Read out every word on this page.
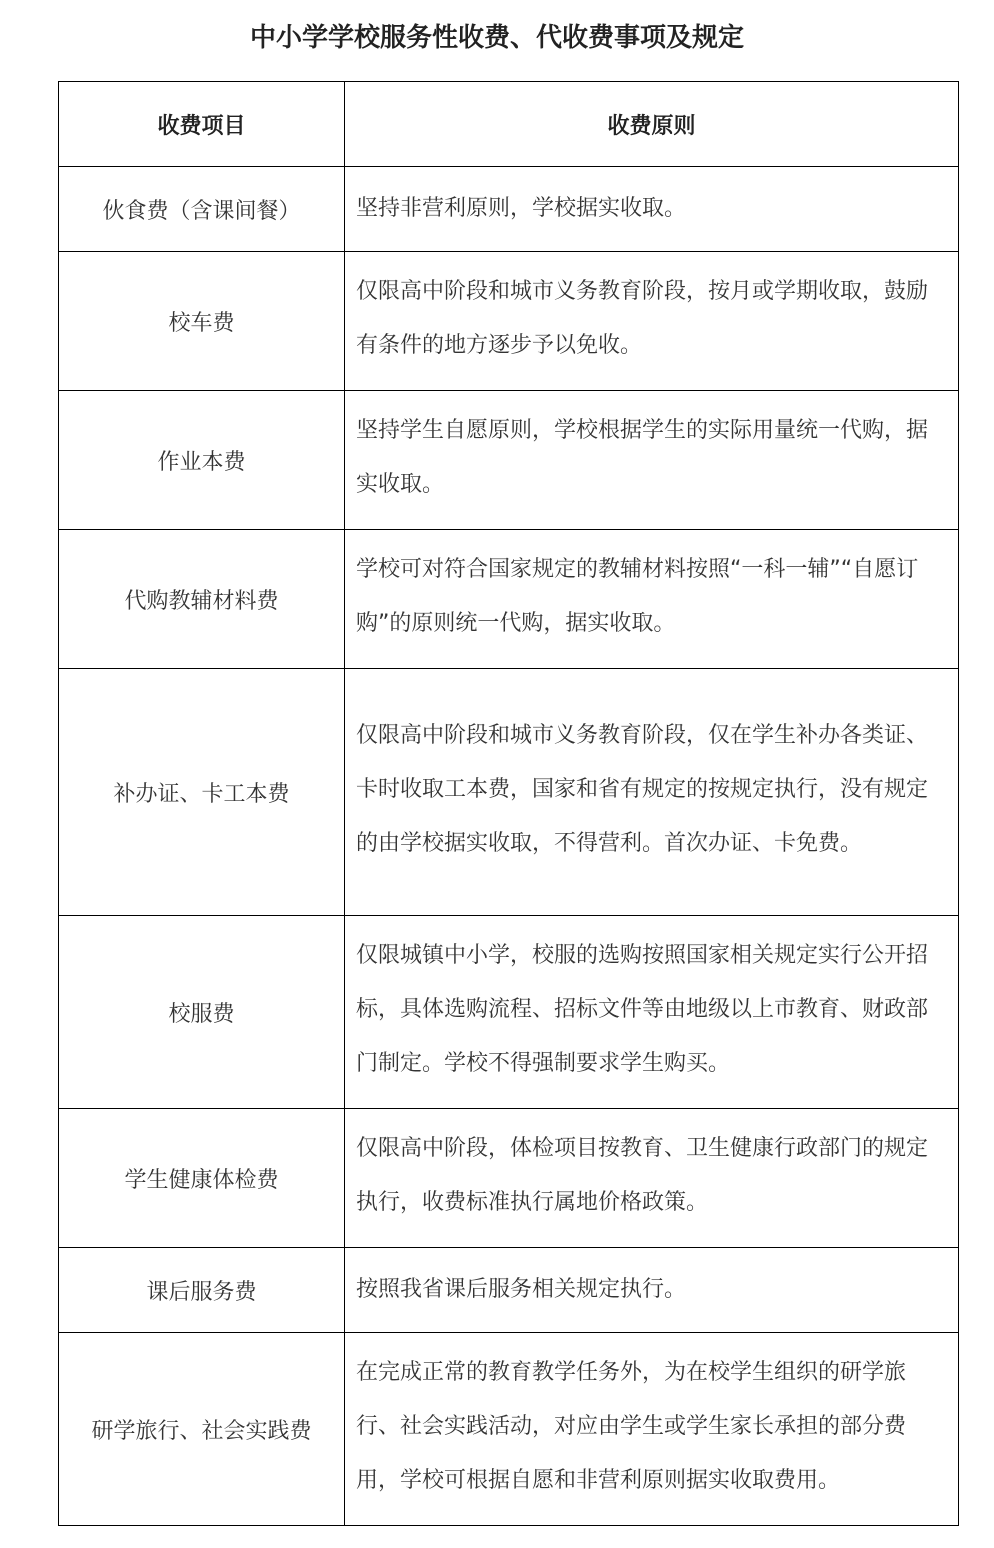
中小学学校服务性收费、代收费事项及规定
收费项目	收费原则
伙食费（含课间餐）	坚持非营利原则，学校据实收取。
校车费	仅限高中阶段和城市义务教育阶段，按月或学期收取，鼓励有条件的地方逐步予以免收。
作业本费	坚持学生自愿原则，学校根据学生的实际用量统一代购，据实收取。
代购教辅材料费	学校可对符合国家规定的教辅材料按照“一科一辅”“自愿订购”的原则统一代购，据实收取。
补办证、卡工本费	仅限高中阶段和城市义务教育阶段，仅在学生补办各类证、卡时收取工本费，国家和省有规定的按规定执行，没有规定的由学校据实收取，不得营利。首次办证、卡免费。
校服费	仅限城镇中小学，校服的选购按照国家相关规定实行公开招标，具体选购流程、招标文件等由地级以上市教育、财政部门制定。学校不得强制要求学生购买。
学生健康体检费	仅限高中阶段，体检项目按教育、卫生健康行政部门的规定执行，收费标准执行属地价格政策。
课后服务费	按照我省课后服务相关规定执行。
研学旅行、社会实践费	在完成正常的教育教学任务外，为在校学生组织的研学旅行、社会实践活动，对应由学生或学生家长承担的部分费用，学校可根据自愿和非营利原则据实收取费用。
